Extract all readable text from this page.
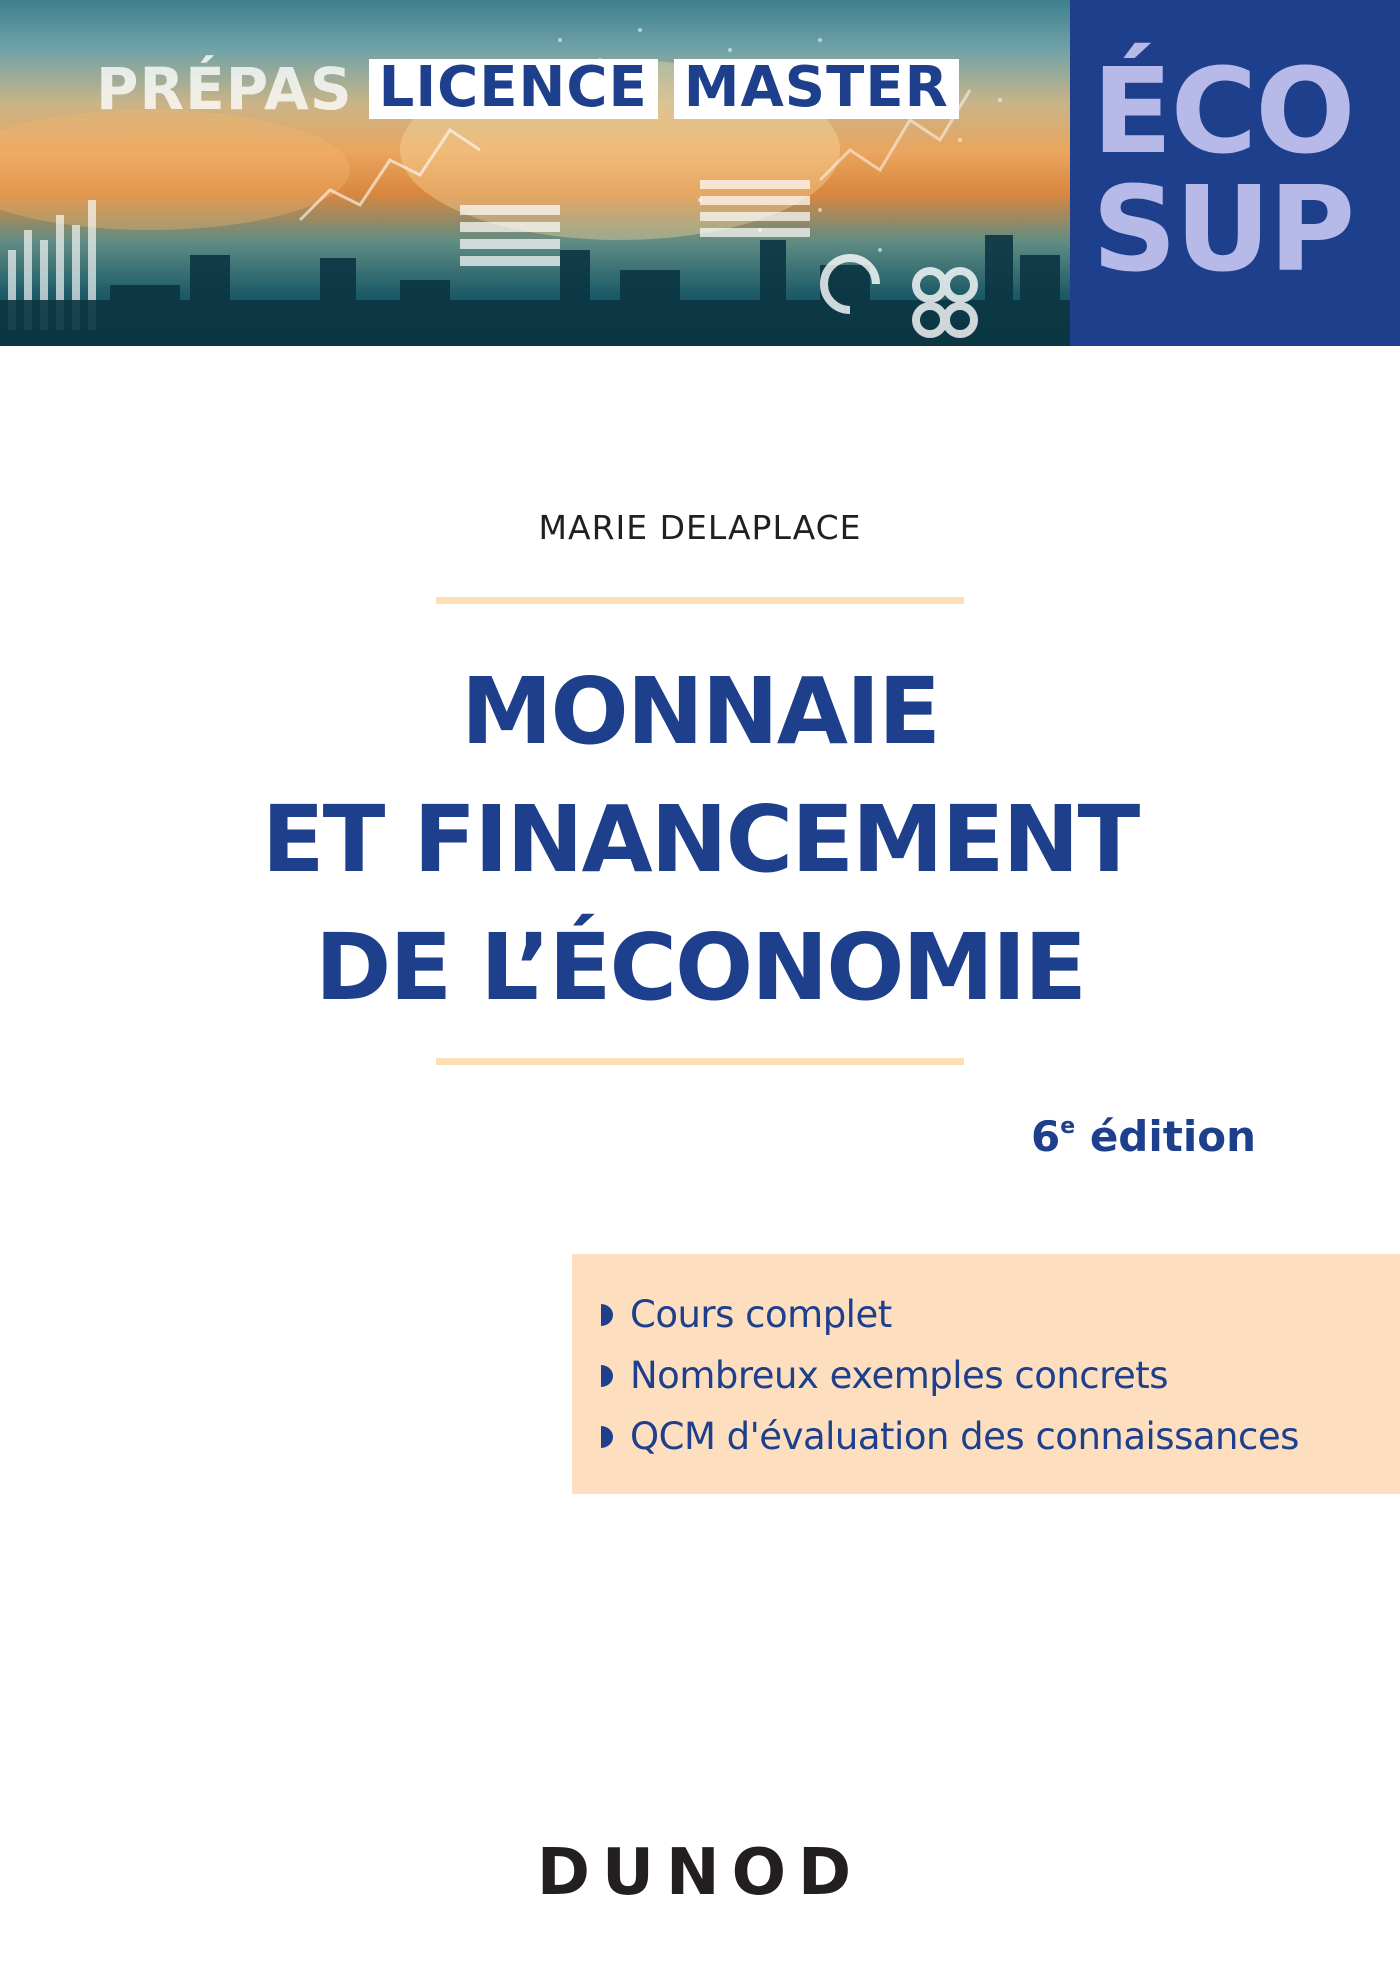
PRÉPAS LICENCE MASTER ÉCO
SUP
MARIE DELAPLACE
MONNAIE
ET FINANCEMENT
DE L’ÉCONOMIE
6e édition
Cours complet
Nombreux exemples concrets
QCM d'évaluation des connaissances
DUNOD
